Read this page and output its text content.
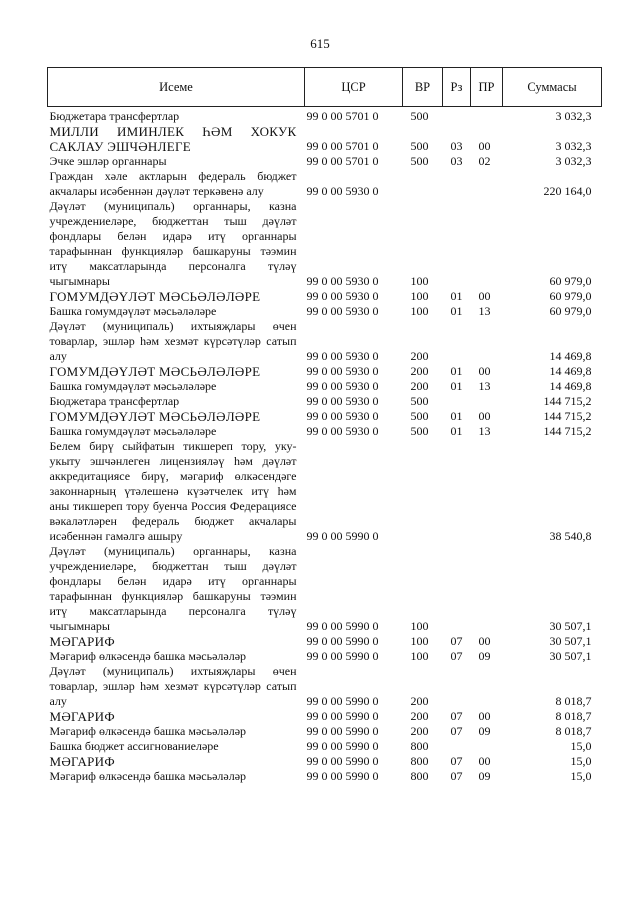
615
Исеме	ЦСР	ВР	Рз	ПР	Суммасы

Бюджетара трансфертлар	99 0 00 5701 0	500			3 032,3
МИЛЛИ ИМИНЛЕК ҺӘМ ХОКУК САКЛАУ ЭШЧӘНЛЕГЕ	99 0 00 5701 0	500	03	00	3 032,3
Эчке эшләр органнары	99 0 00 5701 0	500	03	02	3 032,3
Граждан хәле актларын федераль бюджет акчалары исәбеннән дәүләт теркәвенә алу	99 0 00 5930 0				220 164,0
Дәүләт (муниципаль) органнары, казна учреждениеләре, бюджеттан тыш дәүләт фондлары белән идарә итү органнары тарафыннан функцияләр башкаруны тәэмин итү максатларында персоналга түләү чыгымнары	99 0 00 5930 0	100			60 979,0
ГОМУМДӘҮЛӘТ МӘСЬӘЛӘЛӘРЕ	99 0 00 5930 0	100	01	00	60 979,0
Башка гомумдәүләт мәсьәләләре	99 0 00 5930 0	100	01	13	60 979,0
Дәүләт (муниципаль) ихтыяҗлары өчен товарлар, эшләр һәм хезмәт күрсәтүләр сатып алу	99 0 00 5930 0	200			14 469,8
ГОМУМДӘҮЛӘТ МӘСЬӘЛӘЛӘРЕ	99 0 00 5930 0	200	01	00	14 469,8
Башка гомумдәүләт мәсьәләләре	99 0 00 5930 0	200	01	13	14 469,8
Бюджетара трансфертлар	99 0 00 5930 0	500			144 715,2
ГОМУМДӘҮЛӘТ МӘСЬӘЛӘЛӘРЕ	99 0 00 5930 0	500	01	00	144 715,2
Башка гомумдәүләт мәсьәләләре	99 0 00 5930 0	500	01	13	144 715,2
Белем бирү сыйфатын тикшереп тору, уку-укыту эшчәнлеген лицензияләү һәм дәүләт аккредитациясе бирү, мәгариф өлкәсендәге законнарның үтәлешенә күзәтчелек итү һәм аны тикшереп тору буенча Россия Федерациясе вәкаләтләрен федераль бюджет акчалары исәбеннән гамәлгә ашыру	99 0 00 5990 0				38 540,8
Дәүләт (муниципаль) органнары, казна учреждениеләре, бюджеттан тыш дәүләт фондлары белән идарә итү органнары тарафыннан функцияләр башкаруны тәэмин итү максатларында персоналга түләү чыгымнары	99 0 00 5990 0	100			30 507,1
МӘГАРИФ	99 0 00 5990 0	100	07	00	30 507,1
Мәгариф өлкәсендә башка мәсьәләләр	99 0 00 5990 0	100	07	09	30 507,1
Дәүләт (муниципаль) ихтыяҗлары өчен товарлар, эшләр һәм хезмәт күрсәтүләр сатып алу	99 0 00 5990 0	200			8 018,7
МӘГАРИФ	99 0 00 5990 0	200	07	00	8 018,7
Мәгариф өлкәсендә башка мәсьәләләр	99 0 00 5990 0	200	07	09	8 018,7
Башка бюджет ассигнованиеләре	99 0 00 5990 0	800			15,0
МӘГАРИФ	99 0 00 5990 0	800	07	00	15,0
Мәгариф өлкәсендә башка мәсьәләләр	99 0 00 5990 0	800	07	09	15,0
